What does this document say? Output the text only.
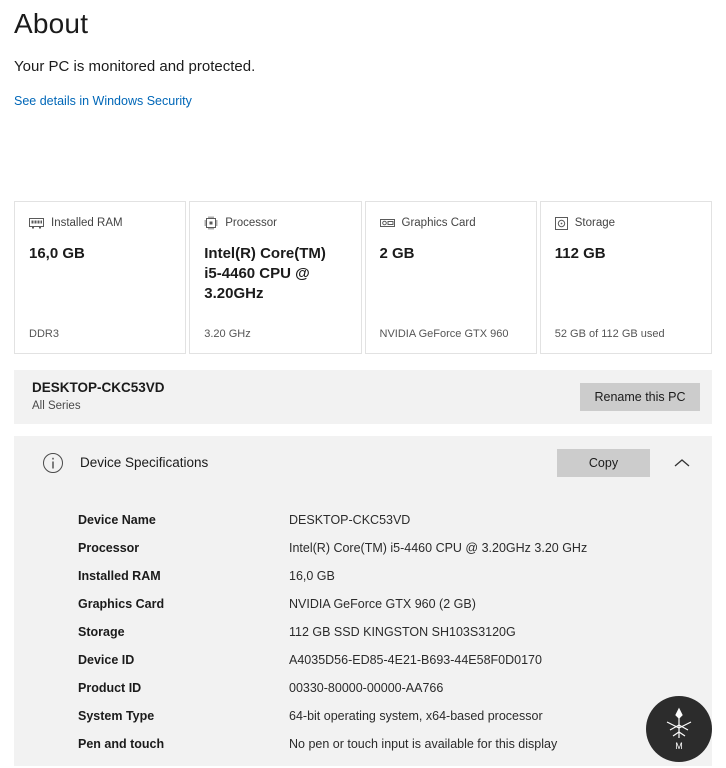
About
Your PC is monitored and protected.
See details in Windows Security
Installed RAM
16,0 GB
DDR3
Processor
Intel(R) Core(TM) i5-4460 CPU @ 3.20GHz
3.20 GHz
Graphics Card
2 GB
NVIDIA GeForce GTX 960
Storage
112 GB
52 GB of 112 GB used
DESKTOP-CKC53VD
All Series
Rename this PC
Device Specifications	Copy
Device Name	DESKTOP-CKC53VD
Processor	Intel(R) Core(TM) i5-4460 CPU @ 3.20GHz 3.20 GHz
Installed RAM	16,0 GB
Graphics Card	NVIDIA GeForce GTX 960 (2 GB)
Storage	112 GB SSD KINGSTON SH103S3120G
Device ID	A4035D56-ED85-4E21-B693-44E58F0D0170
Product ID	00330-80000-00000-AA766
System Type	64-bit operating system, x64-based processor
Pen and touch	No pen or touch input is available for this display	M
